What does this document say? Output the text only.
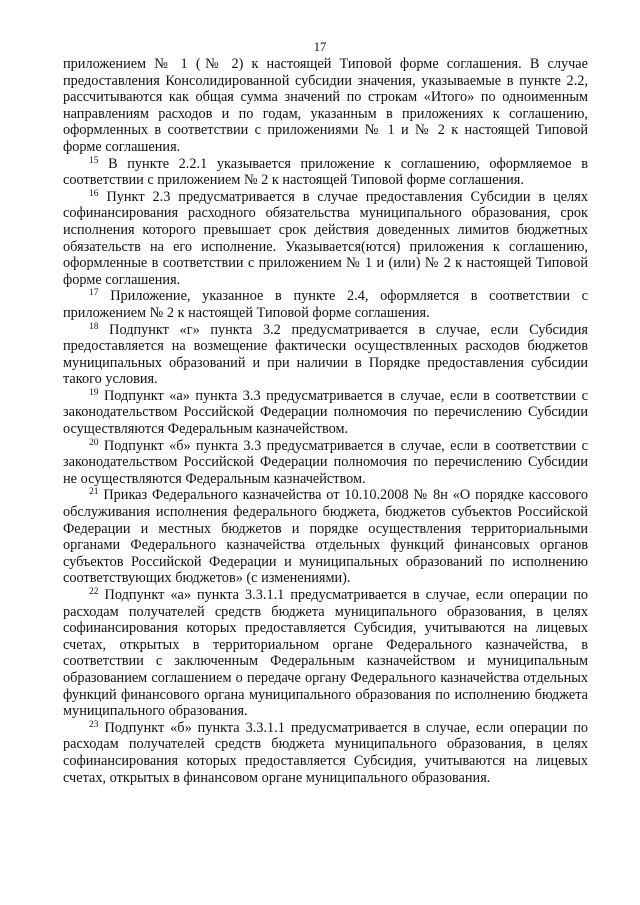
17

приложением № 1 (№ 2) к настоящей Типовой форме соглашения. В случае предоставления Консолидированной субсидии значения, указываемые в пункте 2.2, рассчитываются как общая сумма значений по строкам «Итого» по одноименным направлениям расходов и по годам, указанным в приложениях к соглашению, оформленных в соответствии с приложениями № 1 и № 2 к настоящей Типовой форме соглашения.

$^{15}$ В пункте 2.2.1 указывается приложение к соглашению, оформляемое в соответствии с приложением № 2 к настоящей Типовой форме соглашения.

$^{16}$ Пункт 2.3 предусматривается в случае предоставления Субсидии в целях софинансирования расходного обязательства муниципального образования, срок исполнения которого превышает срок действия доведенных лимитов бюджетных обязательств на его исполнение. Указывается(ются) приложения к соглашению, оформленные в соответствии с приложением № 1 и (или) № 2 к настоящей Типовой форме соглашения.

$^{17}$ Приложение, указанное в пункте 2.4, оформляется в соответствии с приложением № 2 к настоящей Типовой форме соглашения.

$^{18}$ Подпункт «г» пункта 3.2 предусматривается в случае, если Субсидия предоставляется на возмещение фактически осуществленных расходов бюджетов муниципальных образований и при наличии в Порядке предоставления субсидии такого условия.

$^{19}$ Подпункт «а» пункта 3.3 предусматривается в случае, если в соответствии с законодательством Российской Федерации полномочия по перечислению Субсидии осуществляются Федеральным казначейством.

$^{20}$ Подпункт «б» пункта 3.3 предусматривается в случае, если в соответствии с законодательством Российской Федерации полномочия по перечислению Субсидии не осуществляются Федеральным казначейством.

$^{21}$ Приказ Федерального казначейства от 10.10.2008 № 8н «О порядке кассового обслуживания исполнения федерального бюджета, бюджетов субъектов Российской Федерации и местных бюджетов и порядке осуществления территориальными органами Федерального казначейства отдельных функций финансовых органов субъектов Российской Федерации и муниципальных образований по исполнению соответствующих бюджетов» (с изменениями).

$^{22}$ Подпункт «а» пункта 3.3.1.1 предусматривается в случае, если операции по расходам получателей средств бюджета муниципального образования, в целях софинансирования которых предоставляется Субсидия, учитываются на лицевых счетах, открытых в территориальном органе Федерального казначейства, в соответствии с заключенным Федеральным казначейством и муниципальным образованием соглашением о передаче органу Федерального казначейства отдельных функций финансового органа муниципального образования по исполнению бюджета муниципального образования.

$^{23}$ Подпункт «б» пункта 3.3.1.1 предусматривается в случае, если операции по расходам получателей средств бюджета муниципального образования, в целях софинансирования которых предоставляется Субсидия, учитываются на лицевых счетах, открытых в финансовом органе муниципального образования.
